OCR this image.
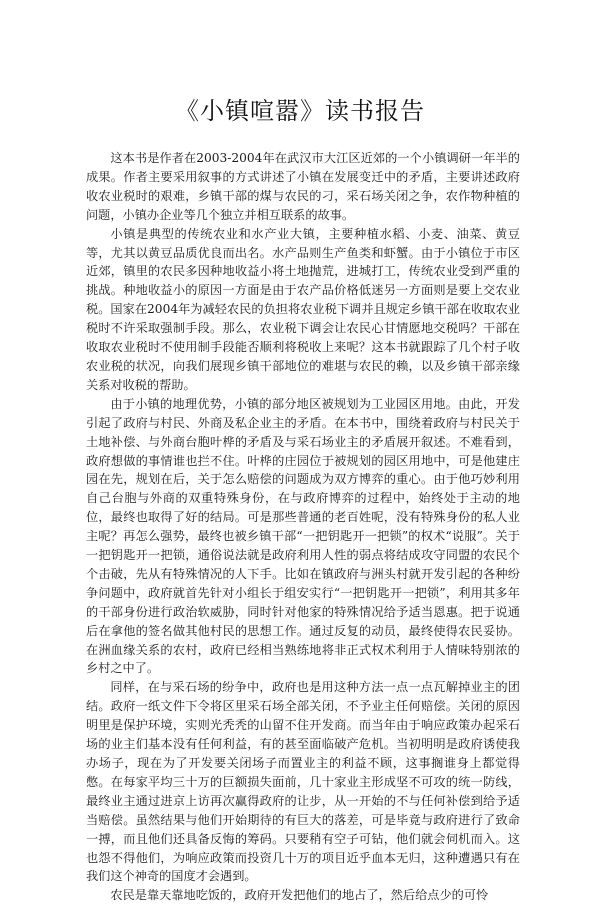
《小镇喧嚣》读书报告

这本书是作者在2003-2004年在武汉市大江区近郊的一个小镇调研一年半的成果。作者主要采用叙事的方式讲述了小镇在发展变迁中的矛盾，主要讲述政府收农业税时的艰难，乡镇干部的煤与农民的刁，采石场关闭之争，农作物种植的问题，小镇办企业等几个独立并相互联系的故事。

小镇是典型的传统农业和水产业大镇，主要种植水稻、小麦、油菜、黄豆等，尤其以黄豆品质优良而出名。水产品则生产鱼类和虾蟹。由于小镇位于市区近郊，镇里的农民多因种地收益小将土地抛荒，进城打工，传统农业受到严重的挑战。种地收益小的原因一方面是由于农产品价格低迷另一方面则是要上交农业税。国家在2004年为减轻农民的负担将农业税下调并且规定乡镇干部在收取农业税时不许采取强制手段。那么，农业税下调会让农民心甘情愿地交税吗？干部在收取农业税时不使用制手段能否顺利将税收上来呢？这本书就跟踪了几个村子收农业税的状况，向我们展现乡镇干部地位的难堪与农民的赖，以及乡镇干部亲缘关系对收税的帮助。

由于小镇的地理优势，小镇的部分地区被规划为工业园区用地。由此，开发引起了政府与村民、外商及私企业主的矛盾。在本书中，围绕着政府与村民关于土地补偿、与外商台胞叶桦的矛盾及与采石场业主的矛盾展开叙述。不难看到，政府想做的事情谁也拦不住。叶桦的庄园位于被规划的园区用地中，可是他建庄园在先，规划在后，关于怎么赔偿的问题成为双方博弈的重心。由于他巧妙利用自己台胞与外商的双重特殊身份，在与政府博弈的过程中，始终处于主动的地位，最终也取得了好的结局。可是那些普通的老百姓呢，没有特殊身份的私人业主呢？再怎么强势，最终也被乡镇干部“一把钥匙开一把锁”的权术“说服”。关于一把钥匙开一把锁，通俗说法就是政府利用人性的弱点将结成攻守同盟的农民个个击破，先从有特殊情况的人下手。比如在镇政府与洲头村就开发引起的各种纷争问题中，政府就首先针对小组长于组安实行“一把钥匙开一把锁”，利用其多年的干部身份进行政治软威胁，同时针对他家的特殊情况给予适当恩惠。把于说通后在拿他的签名做其他村民的思想工作。通过反复的动员，最终使得农民妥协。在洲血缘关系的农村，政府已经相当熟练地将非正式权术利用于人情味特别浓的乡村之中了。

同样，在与采石场的纷争中，政府也是用这种方法一点一点瓦解掉业主的团结。政府一纸文件下令将区里采石场全部关闭，不予业主任何赔偿。关闭的原因明里是保护环境，实则光秃秃的山留不住开发商。而当年由于响应政策办起采石场的业主们基本没有任何利益，有的甚至面临破产危机。当初明明是政府诱使我办场子，现在为了开发要关闭场子而置业主的利益不顾，这事搁谁身上都觉得憋。在每家平均三十万的巨额损失面前，几十家业主形成坚不可攻的统一防线，最终业主通过进京上访再次赢得政府的让步，从一开始的不与任何补偿到给予适当赔偿。虽然结果与他们开始期待的有巨大的落差，可是毕竟与政府进行了致命一搏，而且他们还具备反悔的筹码。只要稍有空子可钻，他们就会伺机而入。这也怨不得他们，为响应政策而投资几十万的项目近乎血本无归，这种遭遇只有在我们这个神奇的国度才会遇到。

农民是靠天靠地吃饭的，政府开发把他们的地占了，然后给点少的可怜
